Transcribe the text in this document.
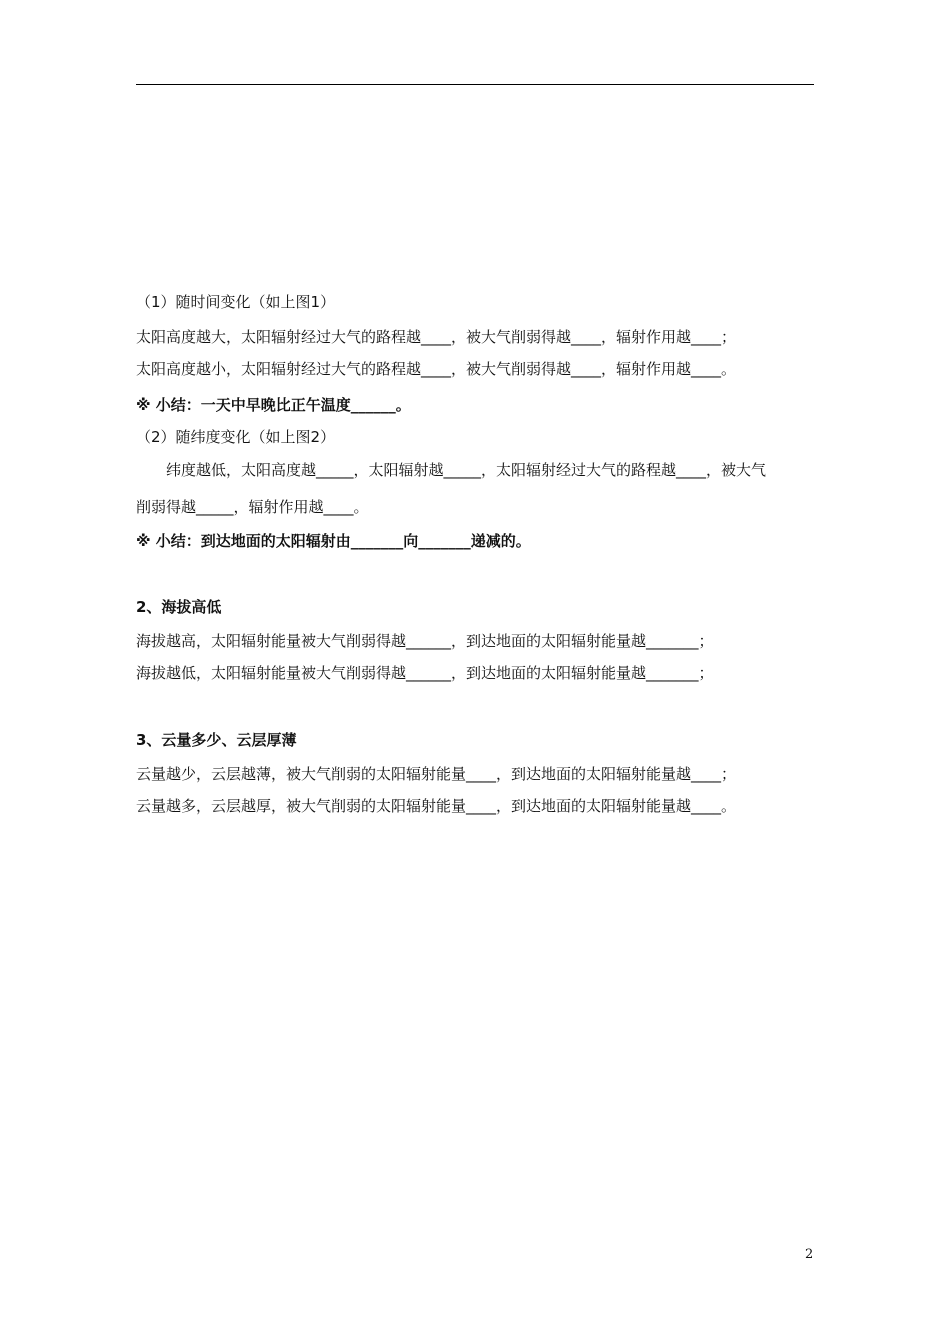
（1）随时间变化（如上图1）
太阳高度越大，太阳辐射经过大气的路程越____，被大气削弱得越____，辐射作用越____；
太阳高度越小，太阳辐射经过大气的路程越____，被大气削弱得越____，辐射作用越____。
※ 小结：一天中早晚比正午温度______。
（2）随纬度变化（如上图2）
纬度越低，太阳高度越_____，太阳辐射越_____，太阳辐射经过大气的路程越____，被大气
削弱得越_____，辐射作用越____。
※ 小结：到达地面的太阳辐射由_______向_______递减的。
2、海拔高低
海拔越高，太阳辐射能量被大气削弱得越______，到达地面的太阳辐射能量越_______；
海拔越低，太阳辐射能量被大气削弱得越______，到达地面的太阳辐射能量越_______；
3、云量多少、云层厚薄
云量越少，云层越薄，被大气削弱的太阳辐射能量____，到达地面的太阳辐射能量越____；
云量越多，云层越厚，被大气削弱的太阳辐射能量____，到达地面的太阳辐射能量越____。
2
